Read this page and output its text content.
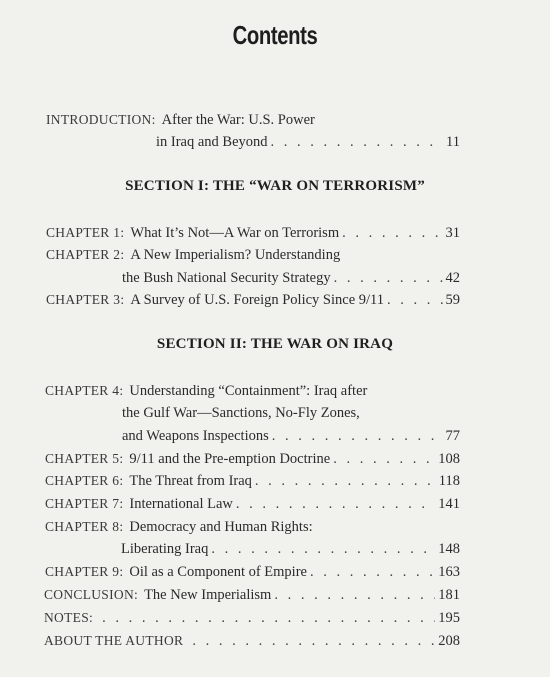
Contents
INTRODUCTION: After the War: U.S. Power
in Iraq and Beyond . . .	11
SECTION I: THE “WAR ON TERRORISM”
CHAPTER 1: What It’s Not—A War on Terrorism . . .	31
CHAPTER 2: A New Imperialism? Understanding
the Bush National Security Strategy . . .	42
CHAPTER 3: A Survey of U.S. Foreign Policy Since 9/11 . . .	59
SECTION II: THE WAR ON IRAQ
CHAPTER 4: Understanding “Containment”: Iraq after
the Gulf War—Sanctions, No-Fly Zones,
and Weapons Inspections . . .	77
CHAPTER 5: 9/11 and the Pre-emption Doctrine . . .	108
CHAPTER 6: The Threat from Iraq . . .	118
CHAPTER 7: International Law . . .	141
CHAPTER 8: Democracy and Human Rights:
Liberating Iraq . . .	148
CHAPTER 9: Oil as a Component of Empire . . .	163
CONCLUSION: The New Imperialism . . .	181
NOTES: . . .	195
ABOUT THE AUTHOR . . .	208
